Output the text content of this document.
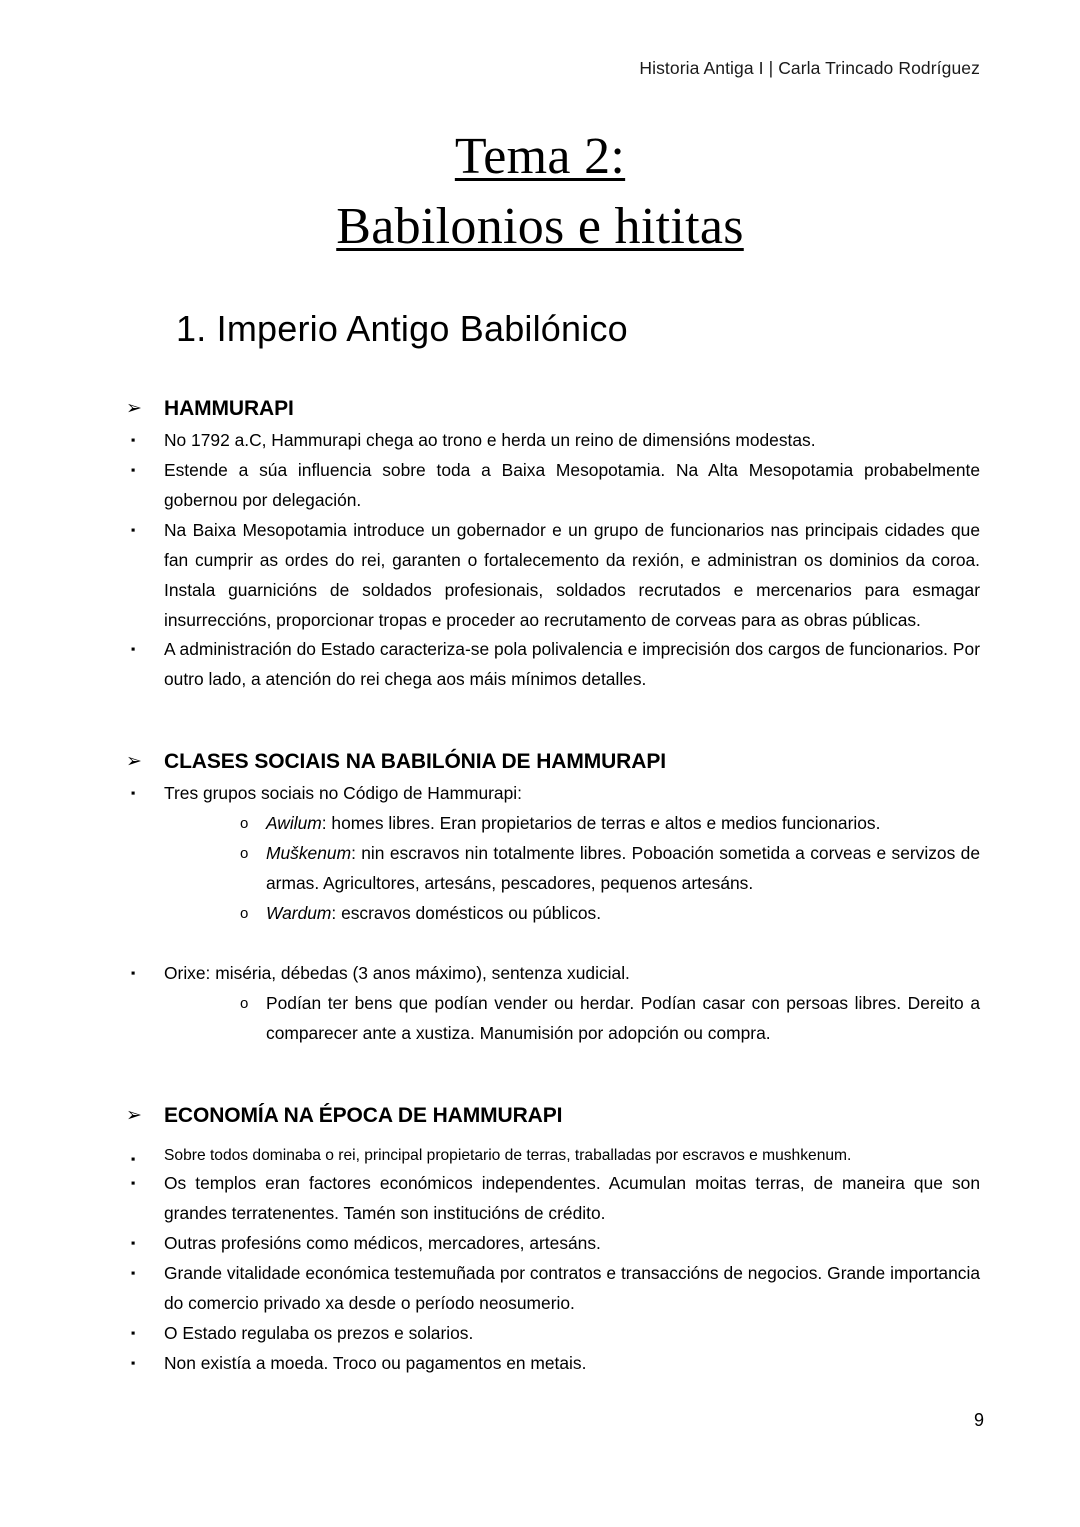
Historia Antiga I | Carla Trincado Rodríguez
Tema 2:
Babilonios e hititas
1. Imperio Antigo Babilónico
➢ HAMMURAPI
▪ No 1792 a.C, Hammurapi chega ao trono e herda un reino de dimensións modestas.
▪ Estende a súa influencia sobre toda a Baixa Mesopotamia. Na Alta Mesopotamia probabelmente gobernou por delegación.
▪ Na Baixa Mesopotamia introduce un gobernador e un grupo de funcionarios nas principais cidades que fan cumprir as ordes do rei, garanten o fortalecemento da rexión, e administran os dominios da coroa. Instala guarnicións de soldados profesionais, soldados recrutados e mercenarios para esmagar insurreccións, proporcionar tropas e proceder ao recrutamento de corveas para as obras públicas.
▪ A administración do Estado caracteriza-se pola polivalencia e imprecisión dos cargos de funcionarios. Por outro lado, a atención do rei chega aos máis mínimos detalles.
➢ CLASES SOCIAIS NA BABILÓNIA DE HAMMURAPI
▪ Tres grupos sociais no Código de Hammurapi:
o Awilum: homes libres. Eran propietarios de terras e altos e medios funcionarios.
o Muškenum: nin escravos nin totalmente libres. Poboación sometida a corveas e servizos de armas. Agricultores, artesáns, pescadores, pequenos artesáns.
o Wardum: escravos domésticos ou públicos.
▪ Orixe: miséria, débedas (3 anos máximo), sentenza xudicial.
o Podían ter bens que podían vender ou herdar. Podían casar con persoas libres. Dereito a comparecer ante a xustiza. Manumisión por adopción ou compra.
➢ ECONOMÍA NA ÉPOCA DE HAMMURAPI
▪ Sobre todos dominaba o rei, principal propietario de terras, traballadas por escravos e mushkenum.
▪ Os templos eran factores económicos independentes. Acumulan moitas terras, de maneira que son grandes terratenentes. Tamén son institucións de crédito.
▪ Outras profesións como médicos, mercadores, artesáns.
▪ Grande vitalidade económica testemuñada por contratos e transaccións de negocios. Grande importancia do comercio privado xa desde o período neosumerio.
▪ O Estado regulaba os prezos e solarios.
▪ Non existía a moeda. Troco ou pagamentos en metais.
9
